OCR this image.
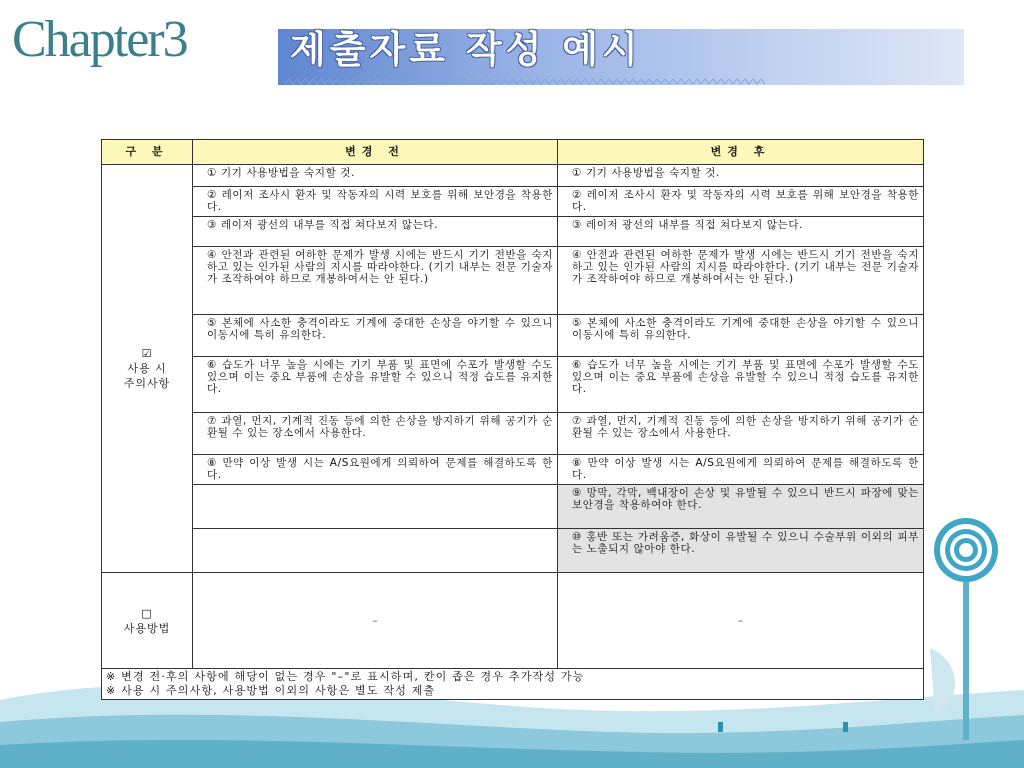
Chapter3	제출자료 작성 예시
구 분	변경 전	변경 후

☑
사용 시
주의사항	① 기기 사용방법을 숙지할 것.	① 기기 사용방법을 숙지할 것.
	② 레이저 조사시 환자 및 작동자의 시력 보호를 위해 보안경을 착용한다.	② 레이저 조사시 환자 및 작동자의 시력 보호를 위해 보안경을 착용한다.
	③ 레이저 광선의 내부를 직접 쳐다보지 않는다.	③ 레이저 광선의 내부를 직접 쳐다보지 않는다.
	④ 안전과 관련된 여하한 문제가 발생 시에는 반드시 기기 전반을 숙지하고 있는 인가된 사람의 지시를 따라야한다. (기기 내부는 전문 기술자가 조작하여야 하므로 개봉하여서는 안 된다.)	④ 안전과 관련된 여하한 문제가 발생 시에는 반드시 기기 전반을 숙지하고 있는 인가된 사람의 지시를 따라야한다. (기기 내부는 전문 기술자가 조작하여야 하므로 개봉하여서는 안 된다.)
	⑤ 본체에 사소한 충격이라도 기계에 중대한 손상을 야기할 수 있으니 이동시에 특히 유의한다.	⑤ 본체에 사소한 충격이라도 기계에 중대한 손상을 야기할 수 있으니 이동시에 특히 유의한다.
	⑥ 습도가 너무 높을 시에는 기기 부품 및 표면에 수포가 발생할 수도 있으며 이는 중요 부품에 손상을 유발할 수 있으니 적정 습도를 유지한다.	⑥ 습도가 너무 높을 시에는 기기 부품 및 표면에 수포가 발생할 수도 있으며 이는 중요 부품에 손상을 유발할 수 있으니 적정 습도를 유지한다.
	⑦ 과열, 먼지, 기계적 진동 등에 의한 손상을 방지하기 위해 공기가 순환될 수 있는 장소에서 사용한다.	⑦ 과열, 먼지, 기계적 진동 등에 의한 손상을 방지하기 위해 공기가 순환될 수 있는 장소에서 사용한다.
	⑧ 만약 이상 발생 시는 A/S요원에게 의뢰하여 문제를 해결하도록 한다.	⑧ 만약 이상 발생 시는 A/S요원에게 의뢰하여 문제를 해결하도록 한다.
		⑨ 망막, 각막, 백내장이 손상 및 유발될 수 있으니 반드시 파장에 맞는 보안경을 착용하여야 한다.
		⑩ 홍반 또는 가려움증, 화상이 유발될 수 있으니 수술부위 이외의 피부는 노출되지 않아야 한다.

□
사용방법	–	–

※ 변경 전·후의 사항에 해당이 없는 경우 "–"로 표시하며, 칸이 좁은 경우 추가작성 가능
※ 사용 시 주의사항, 사용방법 이외의 사항은 별도 작성 제출		
